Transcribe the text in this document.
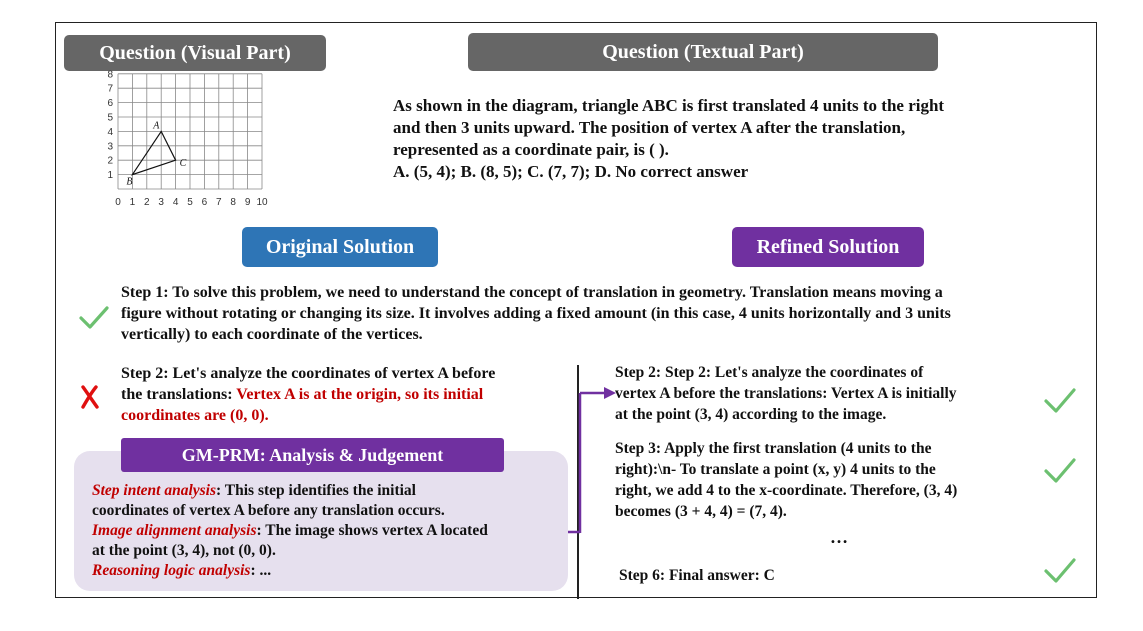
Question (Visual Part)	Question (Textual Part)
Original Solution	Refined Solution
0 1 2 3 4 5 6 7 8 9 10
1
2
3
4
5
6
7
8
A
B
C
As shown in the diagram, triangle ABC is first translated 4 units to the right
and then 3 units upward. The position of vertex A after the translation,
represented as a coordinate pair, is ( ).
A. (5, 4); B. (8, 5); C. (7, 7); D. No correct answer
Step 1: To solve this problem, we need to understand the concept of translation in geometry. Translation means moving a
figure without rotating or changing its size. It involves adding a fixed amount (in this case, 4 units horizontally and 3 units
vertically) to each coordinate of the vertices.
Step 2: Let's analyze the coordinates of vertex A before
the translations: Vertex A is at the origin, so its initial
coordinates are (0, 0).
GM-PRM: Analysis & Judgement
Step intent analysis: This step identifies the initial
coordinates of vertex A before any translation occurs.
Image alignment analysis: The image shows vertex A located
at the point (3, 4), not (0, 0).
Reasoning logic analysis: ...
Step 2: Step 2: Let's analyze the coordinates of
vertex A before the translations: Vertex A is initially
at the point (3, 4) according to the image.
Step 3: Apply the first translation (4 units to the
right):\n- To translate a point (x, y) 4 units to the
right, we add 4 to the x-coordinate. Therefore, (3, 4)
becomes (3 + 4, 4) = (7, 4).
…
Step 6: Final answer: C
